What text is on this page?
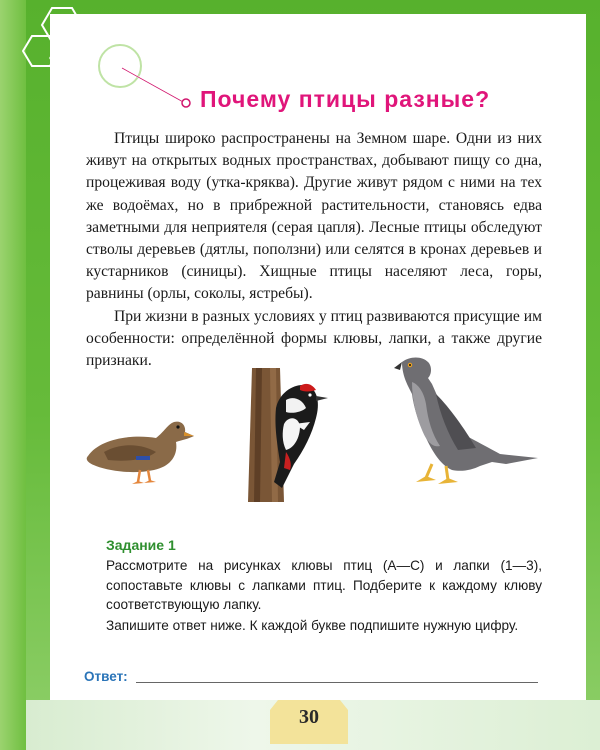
Почему птицы разные?

Птицы широко распространены на Земном шаре. Одни из них живут на открытых водных пространствах, добывают пищу со дна, процеживая воду (утка-кряква). Другие живут рядом с ними на тех же водоёмах, но в прибрежной растительности, становясь едва заметными для неприятеля (серая цапля). Лесные птицы обследуют стволы деревьев (дятлы, поползни) или селятся в кронах деревьев и кустарников (синицы). Хищные птицы населяют леса, горы, равнины (орлы, соколы, ястребы).

При жизни в разных условиях у птиц развиваются присущие им особенности: определённой формы клювы, лапки, а также другие признаки.

Задание 1

Рассмотрите на рисунках клювы птиц (А—С) и лапки (1—3), сопоставьте клювы с лапками птиц. Подберите к каждому клюву соответствующую лапку.

Запишите ответ ниже. К каждой букве подпишите нужную цифру.

Ответ:
30
